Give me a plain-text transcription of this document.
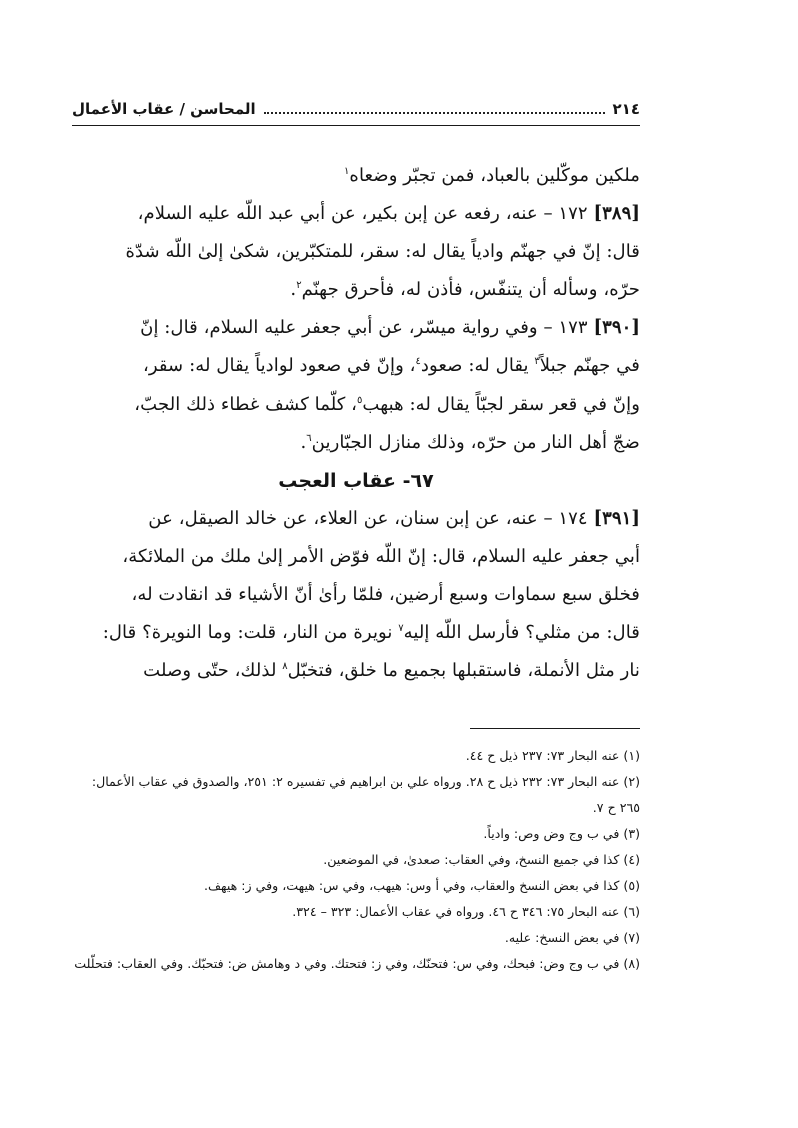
٢١٤
المحاسن / عقاب الأعمال
ملكين موكّلين بالعباد، فمن تجبّر وضعاه$^١$
[٣٨٩] ١٧٢ – عنه، رفعه عن إبن بكير، عن أبي عبد اللّه عليه السلام،
قال: إنّ في جهنّم وادياً يقال له: سقر، للمتكبّرين، شكىٰ إلىٰ اللّه شدّة
حرّه، وسأله أن يتنفّس، فأذن له، فأحرق جهنّم$^٢$.
[٣٩٠] ١٧٣ – وفي رواية ميسّر، عن أبي جعفر عليه السلام، قال: إنّ
في جهنّم جبلاً$^٣$ يقال له: صعود$^٤$، وإنّ في صعود لوادياً يقال له: سقر،
وإنّ في قعر سقر لجبّاً يقال له: هبهب$^٥$، كلّما كشف غطاء ذلك الجبّ،
ضجّ أهل النار من حرّه، وذلك منازل الجبّارين$^٦$.
٦٧- عقاب العجب
[٣٩١] ١٧٤ – عنه، عن إبن سنان، عن العلاء، عن خالد الصيقل، عن
أبي جعفر عليه السلام، قال: إنّ اللّه فوّض الأمر إلىٰ ملك من الملائكة،
فخلق سبع سماوات وسبع أرضين، فلمّا رأىٰ أنّ الأشياء قد انقادت له،
قال: من مثلي؟ فأرسل اللّه إليه$^٧$ نويرة من النار، قلت: وما النويرة؟ قال:
نار مثل الأنملة، فاستقبلها بجميع ما خلق، فتخبّل$^٨$ لذلك، حتّى وصلت
(١) عنه البحار ٧٣: ٢٣٧ ذيل ح ٤٤.
(٢) عنه البحار ٧٣: ٢٣٢ ذيل ح ٢٨. ورواه علي بن ابراهيم في تفسيره ٢: ٢٥١، والصدوق في عقاب الأعمال: ٢٦٥ ح ٧.
(٣) في ب وج وض وص: وادياً.
(٤) كذا في جميع النسخ، وفي العقاب: صعدىٰ، في الموضعين.
(٥) كذا في بعض النسخ والعقاب، وفي أ وس: هيهب، وفي س: هيهت، وفي ز: هيهف.
(٦) عنه البحار ٧٥: ٣٤٦ ح ٤٦. ورواه في عقاب الأعمال: ٣٢٣ – ٣٢٤.
(٧) في بعض النسخ: عليه.
(٨) في ب وج وض: فبحك، وفي س: فتحنّك، وفي ز: فتحتك. وفي د وهامش ض: فتحبّك. وفي العقاب: فتحلّلت
